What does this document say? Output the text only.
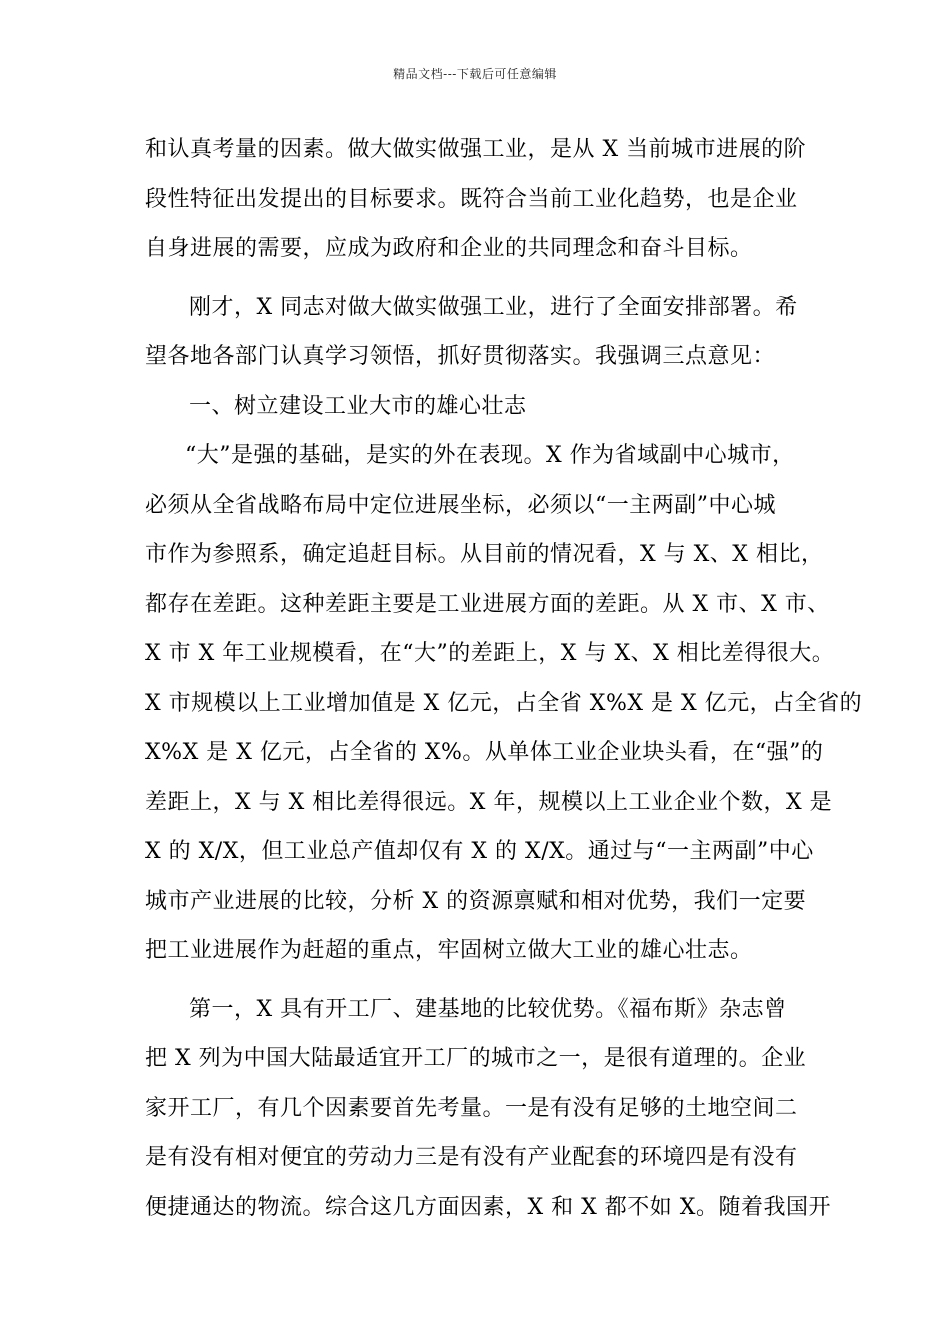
精品文档---下载后可任意编辑
和认真考量的因素。做大做实做强工业，是从 X 当前城市进展的阶
段性特征出发提出的目标要求。既符合当前工业化趋势，也是企业
自身进展的需要，应成为政府和企业的共同理念和奋斗目标。
刚才，X 同志对做大做实做强工业，进行了全面安排部署。希
望各地各部门认真学习领悟，抓好贯彻落实。我强调三点意见：
一、树立建设工业大市的雄心壮志
“大”是强的基础，是实的外在表现。X 作为省域副中心城市，
必须从全省战略布局中定位进展坐标，必须以“一主两副”中心城
市作为参照系，确定追赶目标。从目前的情况看，X 与 X、X 相比，
都存在差距。这种差距主要是工业进展方面的差距。从 X 市、X 市、
X 市 X 年工业规模看，在“大”的差距上，X 与 X、X 相比差得很大。
X 市规模以上工业增加值是 X 亿元，占全省 X%X 是 X 亿元，占全省的
X%X 是 X 亿元，占全省的 X%。从单体工业企业块头看，在“强”的
差距上，X 与 X 相比差得很远。X 年，规模以上工业企业个数，X 是
X 的 X/X，但工业总产值却仅有 X 的 X/X。通过与“一主两副”中心
城市产业进展的比较，分析 X 的资源禀赋和相对优势，我们一定要
把工业进展作为赶超的重点，牢固树立做大工业的雄心壮志。
第一，X 具有开工厂、建基地的比较优势。《福布斯》杂志曾
把 X 列为中国大陆最适宜开工厂的城市之一，是很有道理的。企业
家开工厂，有几个因素要首先考量。一是有没有足够的土地空间二
是有没有相对便宜的劳动力三是有没有产业配套的环境四是有没有
便捷通达的物流。综合这几方面因素，X 和 X 都不如 X。随着我国开
